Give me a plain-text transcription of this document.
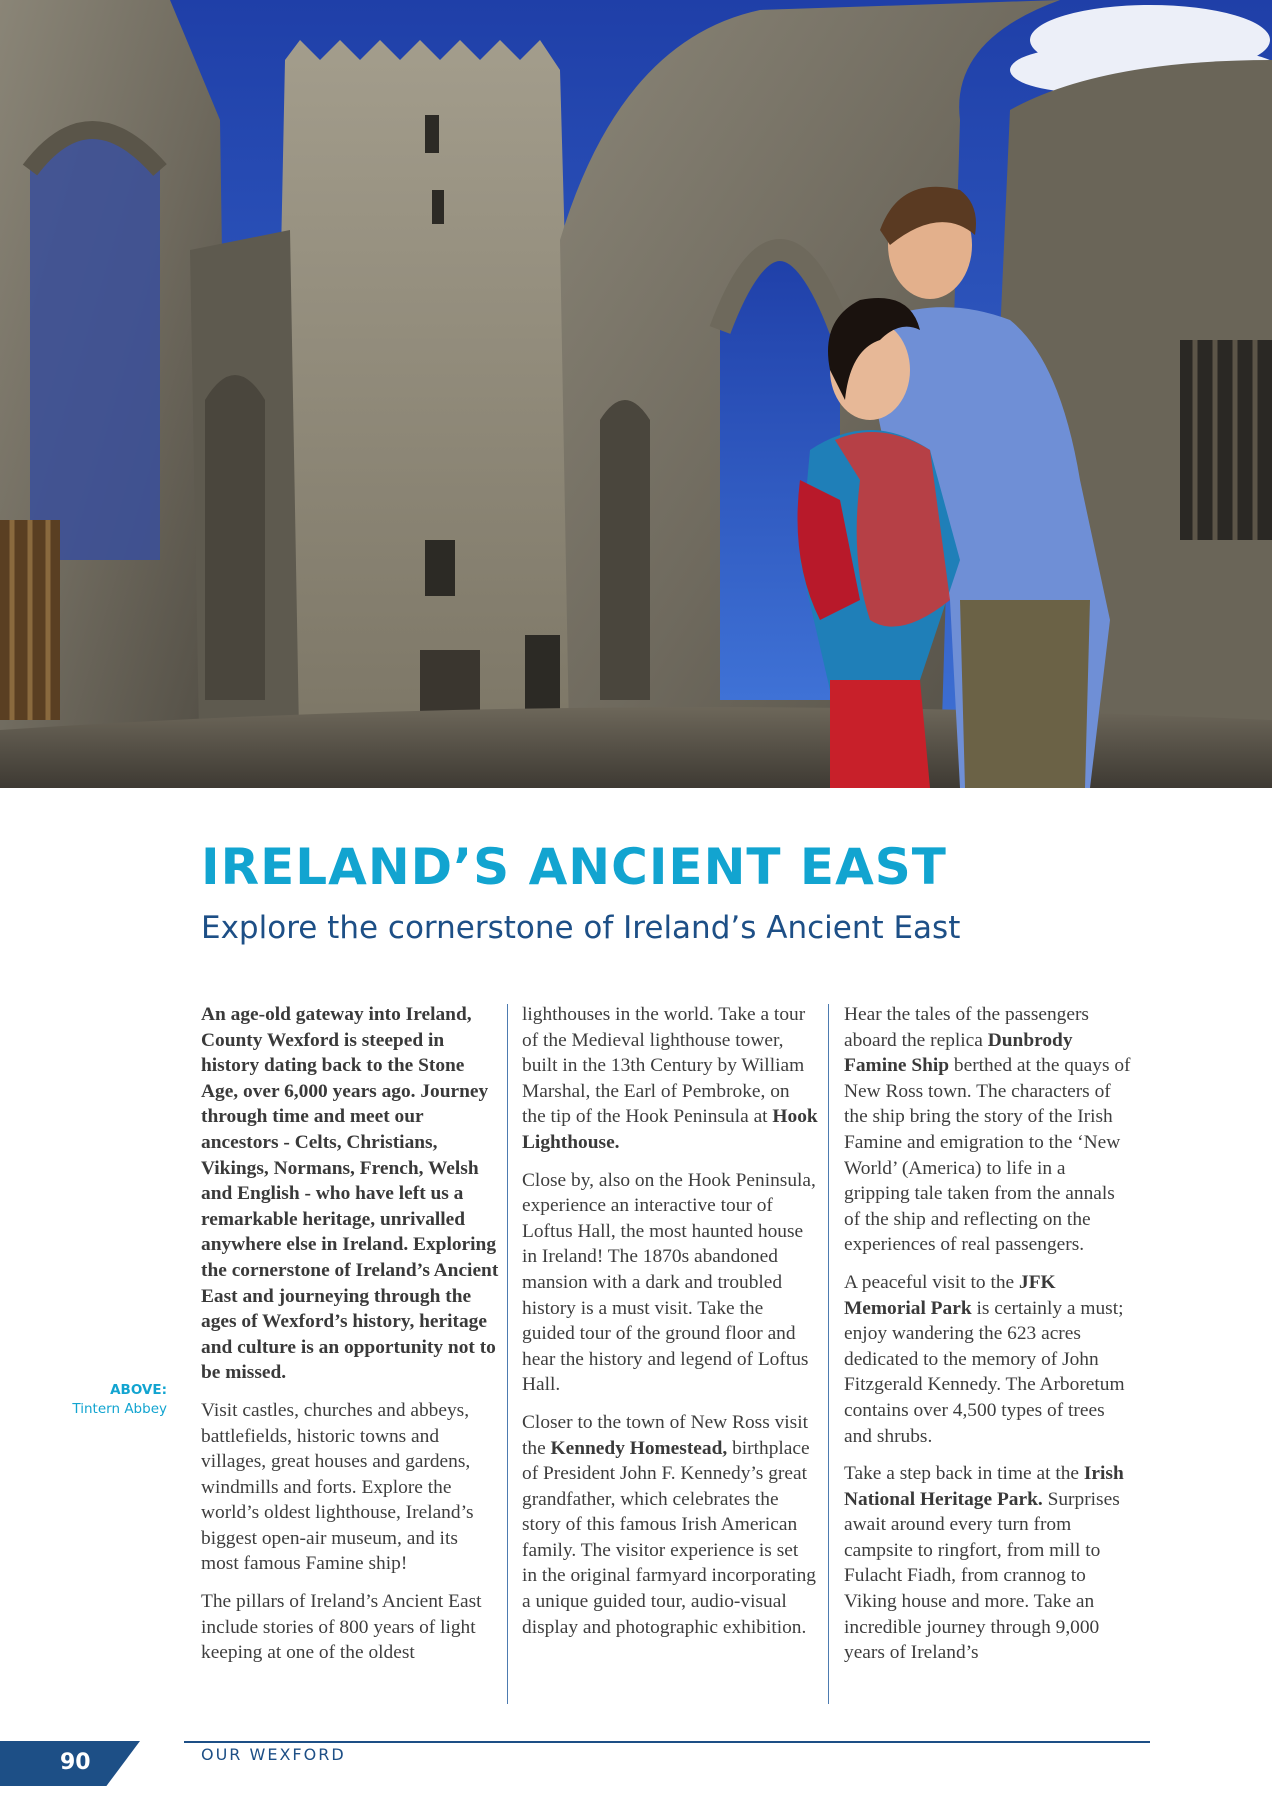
IRELAND’S ANCIENT EAST
Explore the cornerstone of Ireland’s Ancient East
ABOVE:
Tintern Abbey

An age-old gateway into Ireland, County Wexford is steeped in history dating back to the Stone Age, over 6,000 years ago. Journey through time and meet our ancestors - Celts, Christians, Vikings, Normans, French, Welsh and English - who have left us a remarkable heritage, unrivalled anywhere else in Ireland. Exploring the cornerstone of Ireland’s Ancient East and journeying through the ages of Wexford’s history, heritage and culture is an opportunity not to be missed.

Visit castles, churches and abbeys, battlefields, historic towns and villages, great houses and gardens, windmills and forts. Explore the world’s oldest lighthouse, Ireland’s biggest open-air museum, and its most famous Famine ship!

The pillars of Ireland’s Ancient East include stories of 800 years of light keeping at one of the oldest

lighthouses in the world. Take a tour of the Medieval lighthouse tower, built in the 13th Century by William Marshal, the Earl of Pembroke, on the tip of the Hook Peninsula at Hook Lighthouse.

Close by, also on the Hook Peninsula, experience an interactive tour of Loftus Hall, the most haunted house in Ireland! The 1870s abandoned mansion with a dark and troubled history is a must visit. Take the guided tour of the ground floor and hear the history and legend of Loftus Hall.

Closer to the town of New Ross visit the Kennedy Homestead, birthplace of President John F. Kennedy’s great grandfather, which celebrates the story of this famous Irish American family. The visitor experience is set in the original farmyard incorporating a unique guided tour, audio-visual display and photographic exhibition.

Hear the tales of the passengers aboard the replica Dunbrody Famine Ship berthed at the quays of New Ross town. The characters of the ship bring the story of the Irish Famine and emigration to the ‘New World’ (America) to life in a gripping tale taken from the annals of the ship and reflecting on the experiences of real passengers.

A peaceful visit to the JFK Memorial Park is certainly a must; enjoy wandering the 623 acres dedicated to the memory of John Fitzgerald Kennedy. The Arboretum contains over 4,500 types of trees and shrubs.

Take a step back in time at the Irish National Heritage Park. Surprises await around every turn from campsite to ringfort, from mill to Fulacht Fiadh, from crannog to Viking house and more. Take an incredible journey through 9,000 years of Ireland’s

90	OUR WEXFORD
